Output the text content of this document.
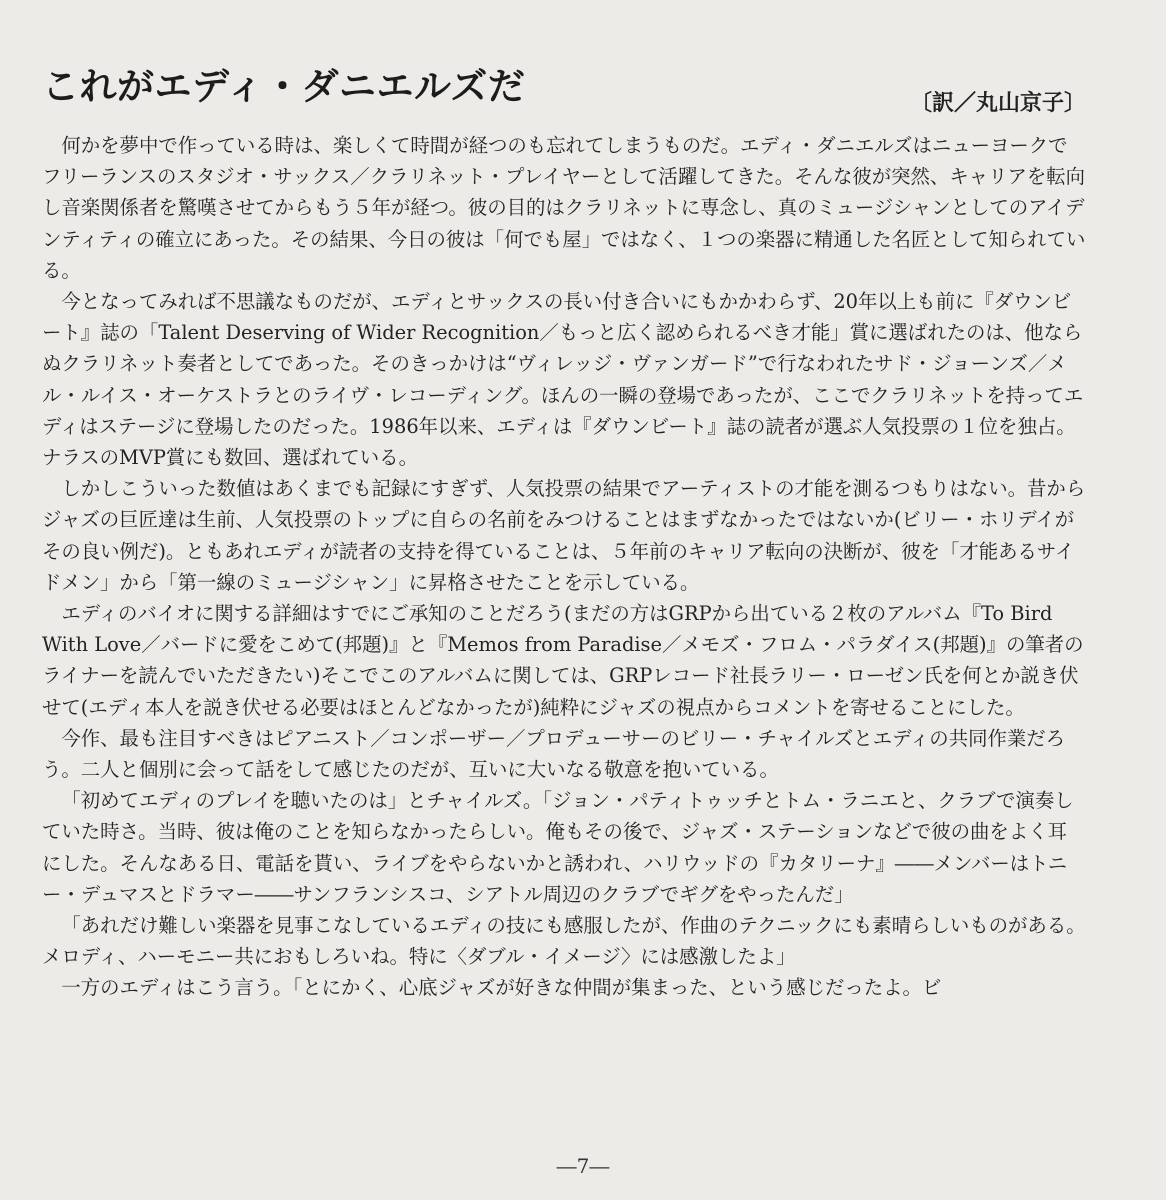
これがエディ・ダニエルズだ	〔訳／丸山京子〕

何かを夢中で作っている時は、楽しくて時間が経つのも忘れてしまうものだ。エディ・ダニエルズはニューヨークでフリーランスのスタジオ・サックス／クラリネット・プレイヤーとして活躍してきた。そんな彼が突然、キャリアを転向し音楽関係者を驚嘆させてからもう５年が経つ。彼の目的はクラリネットに専念し、真のミュージシャンとしてのアイデンティティの確立にあった。その結果、今日の彼は「何でも屋」ではなく、１つの楽器に精通した名匠として知られている。

今となってみれば不思議なものだが、エディとサックスの長い付き合いにもかかわらず、20年以上も前に『ダウンビート』誌の「Talent Deserving of Wider Recognition／もっと広く認められるべき才能」賞に選ばれたのは、他ならぬクラリネット奏者としてであった。そのきっかけは“ヴィレッジ・ヴァンガード”で行なわれたサド・ジョーンズ／メル・ルイス・オーケストラとのライヴ・レコーディング。ほんの一瞬の登場であったが、ここでクラリネットを持ってエディはステージに登場したのだった。1986年以来、エディは『ダウンビート』誌の読者が選ぶ人気投票の１位を独占。ナラスのMVP賞にも数回、選ばれている。

しかしこういった数値はあくまでも記録にすぎず、人気投票の結果でアーティストの才能を測るつもりはない。昔からジャズの巨匠達は生前、人気投票のトップに自らの名前をみつけることはまずなかったではないか(ビリー・ホリデイがその良い例だ)。ともあれエディが読者の支持を得ていることは、５年前のキャリア転向の決断が、彼を「才能あるサイドメン」から「第一線のミュージシャン」に昇格させたことを示している。

エディのバイオに関する詳細はすでにご承知のことだろう(まだの方はGRPから出ている２枚のアルバム『To Bird With Love／バードに愛をこめて(邦題)』と『Memos from Paradise／メモズ・フロム・パラダイス(邦題)』の筆者のライナーを読んでいただきたい)そこでこのアルバムに関しては、GRPレコード社長ラリー・ローゼン氏を何とか説き伏せて(エディ本人を説き伏せる必要はほとんどなかったが)純粋にジャズの視点からコメントを寄せることにした。

今作、最も注目すべきはピアニスト／コンポーザー／プロデューサーのビリー・チャイルズとエディの共同作業だろう。二人と個別に会って話をして感じたのだが、互いに大いなる敬意を抱いている。

「初めてエディのプレイを聴いたのは」とチャイルズ。「ジョン・パティトゥッチとトム・ラニエと、クラブで演奏していた時さ。当時、彼は俺のことを知らなかったらしい。俺もその後で、ジャズ・ステーションなどで彼の曲をよく耳にした。そんなある日、電話を貰い、ライブをやらないかと誘われ、ハリウッドの『カタリーナ』――メンバーはトニー・デュマスとドラマー――サンフランシスコ、シアトル周辺のクラブでギグをやったんだ」

「あれだけ難しい楽器を見事こなしているエディの技にも感服したが、作曲のテクニックにも素晴らしいものがある。メロディ、ハーモニー共におもしろいね。特に〈ダブル・イメージ〉には感激したよ」

一方のエディはこう言う。「とにかく、心底ジャズが好きな仲間が集まった、という感じだったよ。ビ

―7―
